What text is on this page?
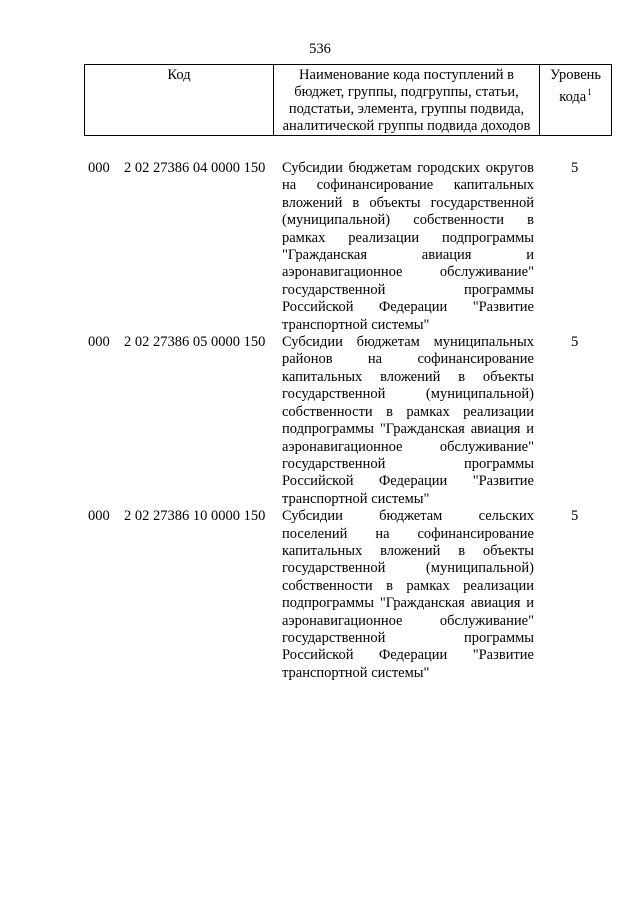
536
Код	Наименование кода поступлений в бюджет, группы, подгруппы, статьи, подстатьи, элемента, группы подвида, аналитической группы подвида доходов
Уровень кода$^1$
000 2 02 27386 04 0000 150 Субсидии бюджетам городских округов на софинансирование капитальных вложений в объекты государственной (муниципальной) собственности в рамках реализации подпрограммы "Гражданская авиация и аэронавигационное обслуживание" государственной программы Российской Федерации "Развитие транспортной системы"
5
000 2 02 27386 05 0000 150 Субсидии бюджетам муниципальных районов на софинансирование капитальных вложений в объекты государственной (муниципальной) собственности в рамках реализации подпрограммы "Гражданская авиация и аэронавигационное обслуживание" государственной программы Российской Федерации "Развитие транспортной системы"
5
000 2 02 27386 10 0000 150 Субсидии бюджетам сельских поселений на софинансирование капитальных вложений в объекты государственной (муниципальной) собственности в рамках реализации подпрограммы "Гражданская авиация и аэронавигационное обслуживание" государственной программы Российской Федерации "Развитие транспортной системы"
5
